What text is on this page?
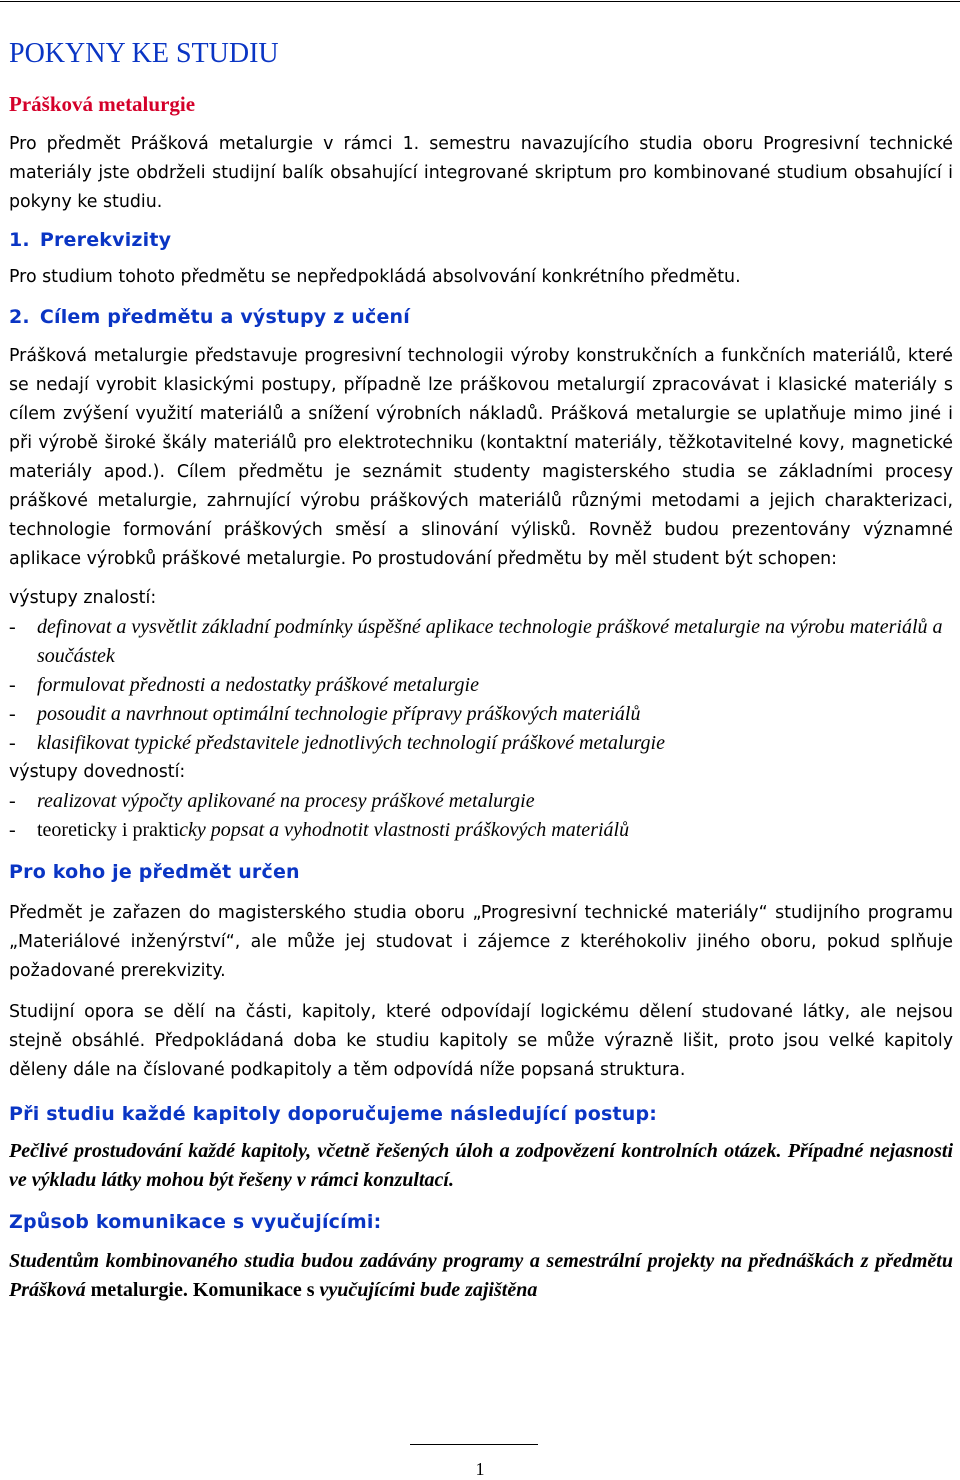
POKYNY KE STUDIU
Prášková metalurgie

Pro předmět Prášková metalurgie v rámci 1. semestru navazujícího studia oboru Progresivní technické materiály jste obdrželi studijní balík obsahující integrované skriptum pro kombinované studium obsahující i pokyny ke studiu.

1. Prerekvizity

Pro studium tohoto předmětu se nepředpokládá absolvování konkrétního předmětu.

2. Cílem předmětu a výstupy z učení

Prášková metalurgie představuje progresivní technologii výroby konstrukčních a funkčních materiálů, které se nedají vyrobit klasickými postupy, případně lze práškovou metalurgií zpracovávat i klasické materiály s cílem zvýšení využití materiálů a snížení výrobních nákladů. Prášková metalurgie se uplatňuje mimo jiné i při výrobě široké škály materiálů pro elektrotechniku (kontaktní materiály, těžkotavitelné kovy, magnetické materiály apod.). Cílem předmětu je seznámit studenty magisterského studia se základními procesy práškové metalurgie, zahrnující výrobu práškových materiálů různými metodami a jejich charakterizaci, technologie formování práškových směsí a slinování výlisků. Rovněž budou prezentovány významné aplikace výrobků práškové metalurgie. Po prostudování předmětu by měl student být schopen:

výstupy znalostí:
- definovat a vysvětlit základní podmínky úspěšné aplikace technologie práškové metalurgie na výrobu materiálů a součástek
- formulovat přednosti a nedostatky práškové metalurgie
- posoudit a navrhnout optimální technologie přípravy práškových materiálů
- klasifikovat typické představitele jednotlivých technologií práškové metalurgie
výstupy dovedností:
- realizovat výpočty aplikované na procesy práškové metalurgie
- teoreticky i prakticky popsat a vyhodnotit vlastnosti práškových materiálů
Pro koho je předmět určen

Předmět je zařazen do magisterského studia oboru „Progresivní technické materiály“ studijního programu „Materiálové inženýrství“, ale může jej studovat i zájemce z kteréhokoliv jiného oboru, pokud splňuje požadované prerekvizity.

Studijní opora se dělí na části, kapitoly, které odpovídají logickému dělení studované látky, ale nejsou stejně obsáhlé. Předpokládaná doba ke studiu kapitoly se může výrazně lišit, proto jsou velké kapitoly děleny dále na číslované podkapitoly a těm odpovídá níže popsaná struktura.

Při studiu každé kapitoly doporučujeme následující postup:

Pečlivé prostudování každé kapitoly, včetně řešených úloh a zodpovězení kontrolních otázek. Případné nejasnosti ve výkladu látky mohou být řešeny v rámci konzultací.

Způsob komunikace s vyučujícími:

Studentům kombinovaného studia budou zadávány programy a semestrální projekty na přednáškách z předmětu Prášková metalurgie. Komunikace s vyučujícími bude zajištěna

1
